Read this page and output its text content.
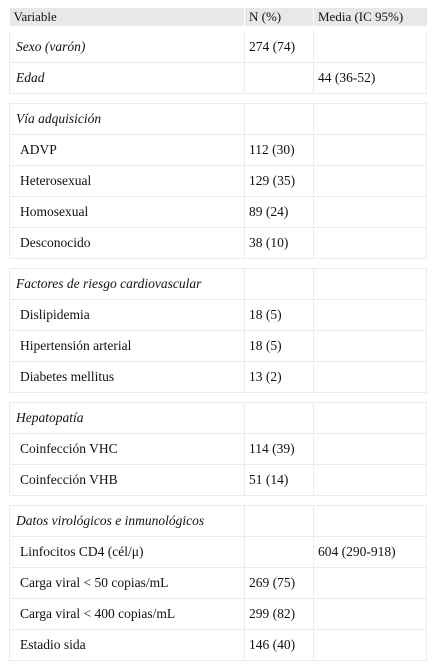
Variable	N (%)	Media (IC 95%)
Sexo (varón)	274 (74)	
Edad		44 (36-52)

Vía adquisición		
ADVP	112 (30)	
Heterosexual	129 (35)	
Homosexual	89 (24)	
Desconocido	38 (10)	

Factores de riesgo cardiovascular		
Dislipidemia	18 (5)	
Hipertensión arterial	18 (5)	
Diabetes mellitus	13 (2)	

Hepatopatía		
Coinfección VHC	114 (39)	
Coinfección VHB	51 (14)	

Datos virológicos e inmunológicos		
Linfocitos CD4 (cél/μ)		604 (290-918)
Carga viral < 50 copias/mL	269 (75)	
Carga viral < 400 copias/mL	299 (82)	
Estadio sida	146 (40)	
